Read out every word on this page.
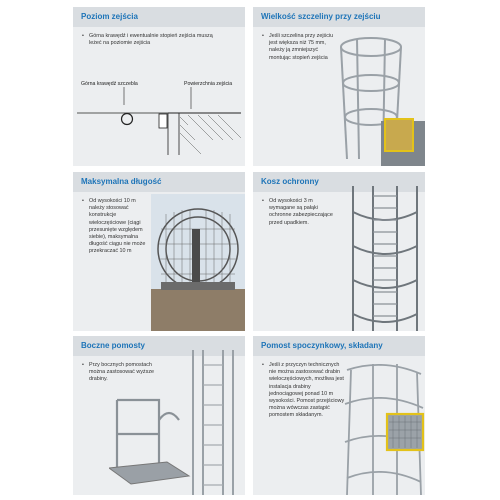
Poziom zejścia
• Górna krawędź i ewentualnie stopień zejścia muszą leżeć na poziomie zejścia
Górna krawędź szczebla	Powierzchnia zejścia
Wielkość szczeliny przy zejściu
• Jeśli szczelina przy zejściu jest większa niż 75 mm, należy ją zmniejszyć montując stopień zejścia
Maksymalna długość
• Od wysokości 10 m należy stosować konstrukcje wieloczęściowe (ciągi przesunięte względem siebie), maksymalna długość ciągu nie może przekraczać 10 m
Kosz ochronny
• Od wysokości 3 m wymagane są pałąki ochronne zabezpieczające przed upadkiem.
Boczne pomosty
• Przy bocznych pomostach można zastosować wyższe drabiny.
Pomost spoczynkowy, składany
• Jeśli z przyczyn technicznych nie można zastosować drabin wieloczęściowych, możliwa jest instalacja drabiny jednociągowej ponad 10 m wysokości. Pomost przejściowy można wówczas zastąpić pomostem składanym.
